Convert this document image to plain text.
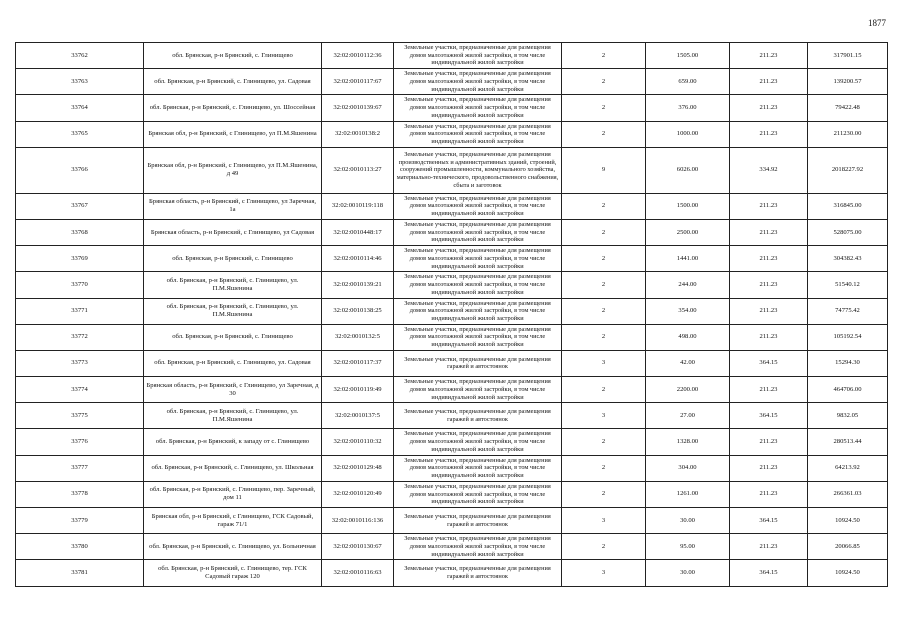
1877
33762	обл. Брянская, р-н Брянский, с. Глинищево	32:02:0010112:36	Земельные участки, предназначенные для размещения домов малоэтажной жилой застройки, в том числе индивидуальной жилой застройки	2	1505.00	211.23	317901.15
33763	обл. Брянская, р-н Брянский, с. Глинищево, ул. Садовая	32:02:0010117:67	Земельные участки, предназначенные для размещения домов малоэтажной жилой застройки, в том числе индивидуальной жилой застройки	2	659.00	211.23	139200.57
33764	обл. Брянская, р-н Брянский, с. Глинищево, ул. Шоссейная	32:02:0010139:67	Земельные участки, предназначенные для размещения домов малоэтажной жилой застройки, в том числе индивидуальной жилой застройки	2	376.00	211.23	79422.48
33765	Брянская обл, р-н Брянский, с Глинищево, ул П.М.Яшенина	32:02:0010138:2	Земельные участки, предназначенные для размещения домов малоэтажной жилой застройки, в том числе индивидуальной жилой застройки	2	1000.00	211.23	211230.00
33766	Брянская обл, р-н Брянский, с Глинищево, ул П.М.Яшенина, д 49	32:02:0010113:27	Земельные участки, предназначенные для размещения производственных и административных зданий, строений, сооружений промышленности, коммунального хозяйства, материально-технического, продовольственного снабжения, сбыта и заготовок	9	6026.00	334.92	2018227.92
33767	Брянская область, р-н Брянский, с Глинищево, ул Заречная, 1а	32:02:0010119:118	Земельные участки, предназначенные для размещения домов малоэтажной жилой застройки, в том числе индивидуальной жилой застройки	2	1500.00	211.23	316845.00
33768	Брянская область, р-н Брянский, с Глинищево, ул Садовая	32:02:0010448:17	Земельные участки, предназначенные для размещения домов малоэтажной жилой застройки, в том числе индивидуальной жилой застройки	2	2500.00	211.23	528075.00
33769	обл. Брянская, р-н Брянский, с. Глинищево	32:02:0010114:46	Земельные участки, предназначенные для размещения домов малоэтажной жилой застройки, в том числе индивидуальной жилой застройки	2	1441.00	211.23	304382.43
33770	обл. Брянская, р-н Брянский, с. Глинищево, ул. П.М.Яшенина	32:02:0010139:21	Земельные участки, предназначенные для размещения домов малоэтажной жилой застройки, в том числе индивидуальной жилой застройки	2	244.00	211.23	51540.12
33771	обл. Брянская, р-н Брянский, с. Глинищево, ул. П.М.Яшенина	32:02:0010138:25	Земельные участки, предназначенные для размещения домов малоэтажной жилой застройки, в том числе индивидуальной жилой застройки	2	354.00	211.23	74775.42
33772	обл. Брянская, р-н Брянский, с. Глинищево	32:02:0010132:5	Земельные участки, предназначенные для размещения домов малоэтажной жилой застройки, в том числе индивидуальной жилой застройки	2	498.00	211.23	105192.54
33773	обл. Брянская, р-н Брянский, с. Глинищево, ул. Садовая	32:02:0010117:37	Земельные участки, предназначенные для размещения гаражей и автостоянок	3	42.00	364.15	15294.30
33774	Брянская область, р-н Брянский, с Глинищево, ул Заречная, д 30	32:02:0010119:49	Земельные участки, предназначенные для размещения домов малоэтажной жилой застройки, в том числе индивидуальной жилой застройки	2	2200.00	211.23	464706.00
33775	обл. Брянская, р-н Брянский, с. Глинищево, ул. П.М.Яшенина	32:02:0010137:5	Земельные участки, предназначенные для размещения гаражей и автостоянок	3	27.00	364.15	9832.05
33776	обл. Брянская, р-н Брянский, к западу от с. Глинищево	32:02:0010110:32	Земельные участки, предназначенные для размещения домов малоэтажной жилой застройки, в том числе индивидуальной жилой застройки	2	1328.00	211.23	280513.44
33777	обл. Брянская, р-н Брянский, с. Глинищево, ул. Школьная	32:02:0010129:48	Земельные участки, предназначенные для размещения домов малоэтажной жилой застройки, в том числе индивидуальной жилой застройки	2	304.00	211.23	64213.92
33778	обл. Брянская, р-н Брянский, с. Глинищево, пер. Заречный, дом 11	32:02:0010120:49	Земельные участки, предназначенные для размещения домов малоэтажной жилой застройки, в том числе индивидуальной жилой застройки	2	1261.00	211.23	266361.03
33779	Брянская обл, р-н Брянский, с Глинищево, ГСК Садовый, гараж 71/1	32:02:0010116:136	Земельные участки, предназначенные для размещения гаражей и автостоянок	3	30.00	364.15	10924.50
33780	обл. Брянская, р-н Брянский, с. Глинищево, ул. Больничная	32:02:0010130:67	Земельные участки, предназначенные для размещения домов малоэтажной жилой застройки, в том числе индивидуальной жилой застройки	2	95.00	211.23	20066.85
33781	обл. Брянская, р-н Брянский, с. Глинищево, тер. ГСК Садовый гараж 120	32:02:0010116:63	Земельные участки, предназначенные для размещения гаражей и автостоянок	3	30.00	364.15	10924.50
